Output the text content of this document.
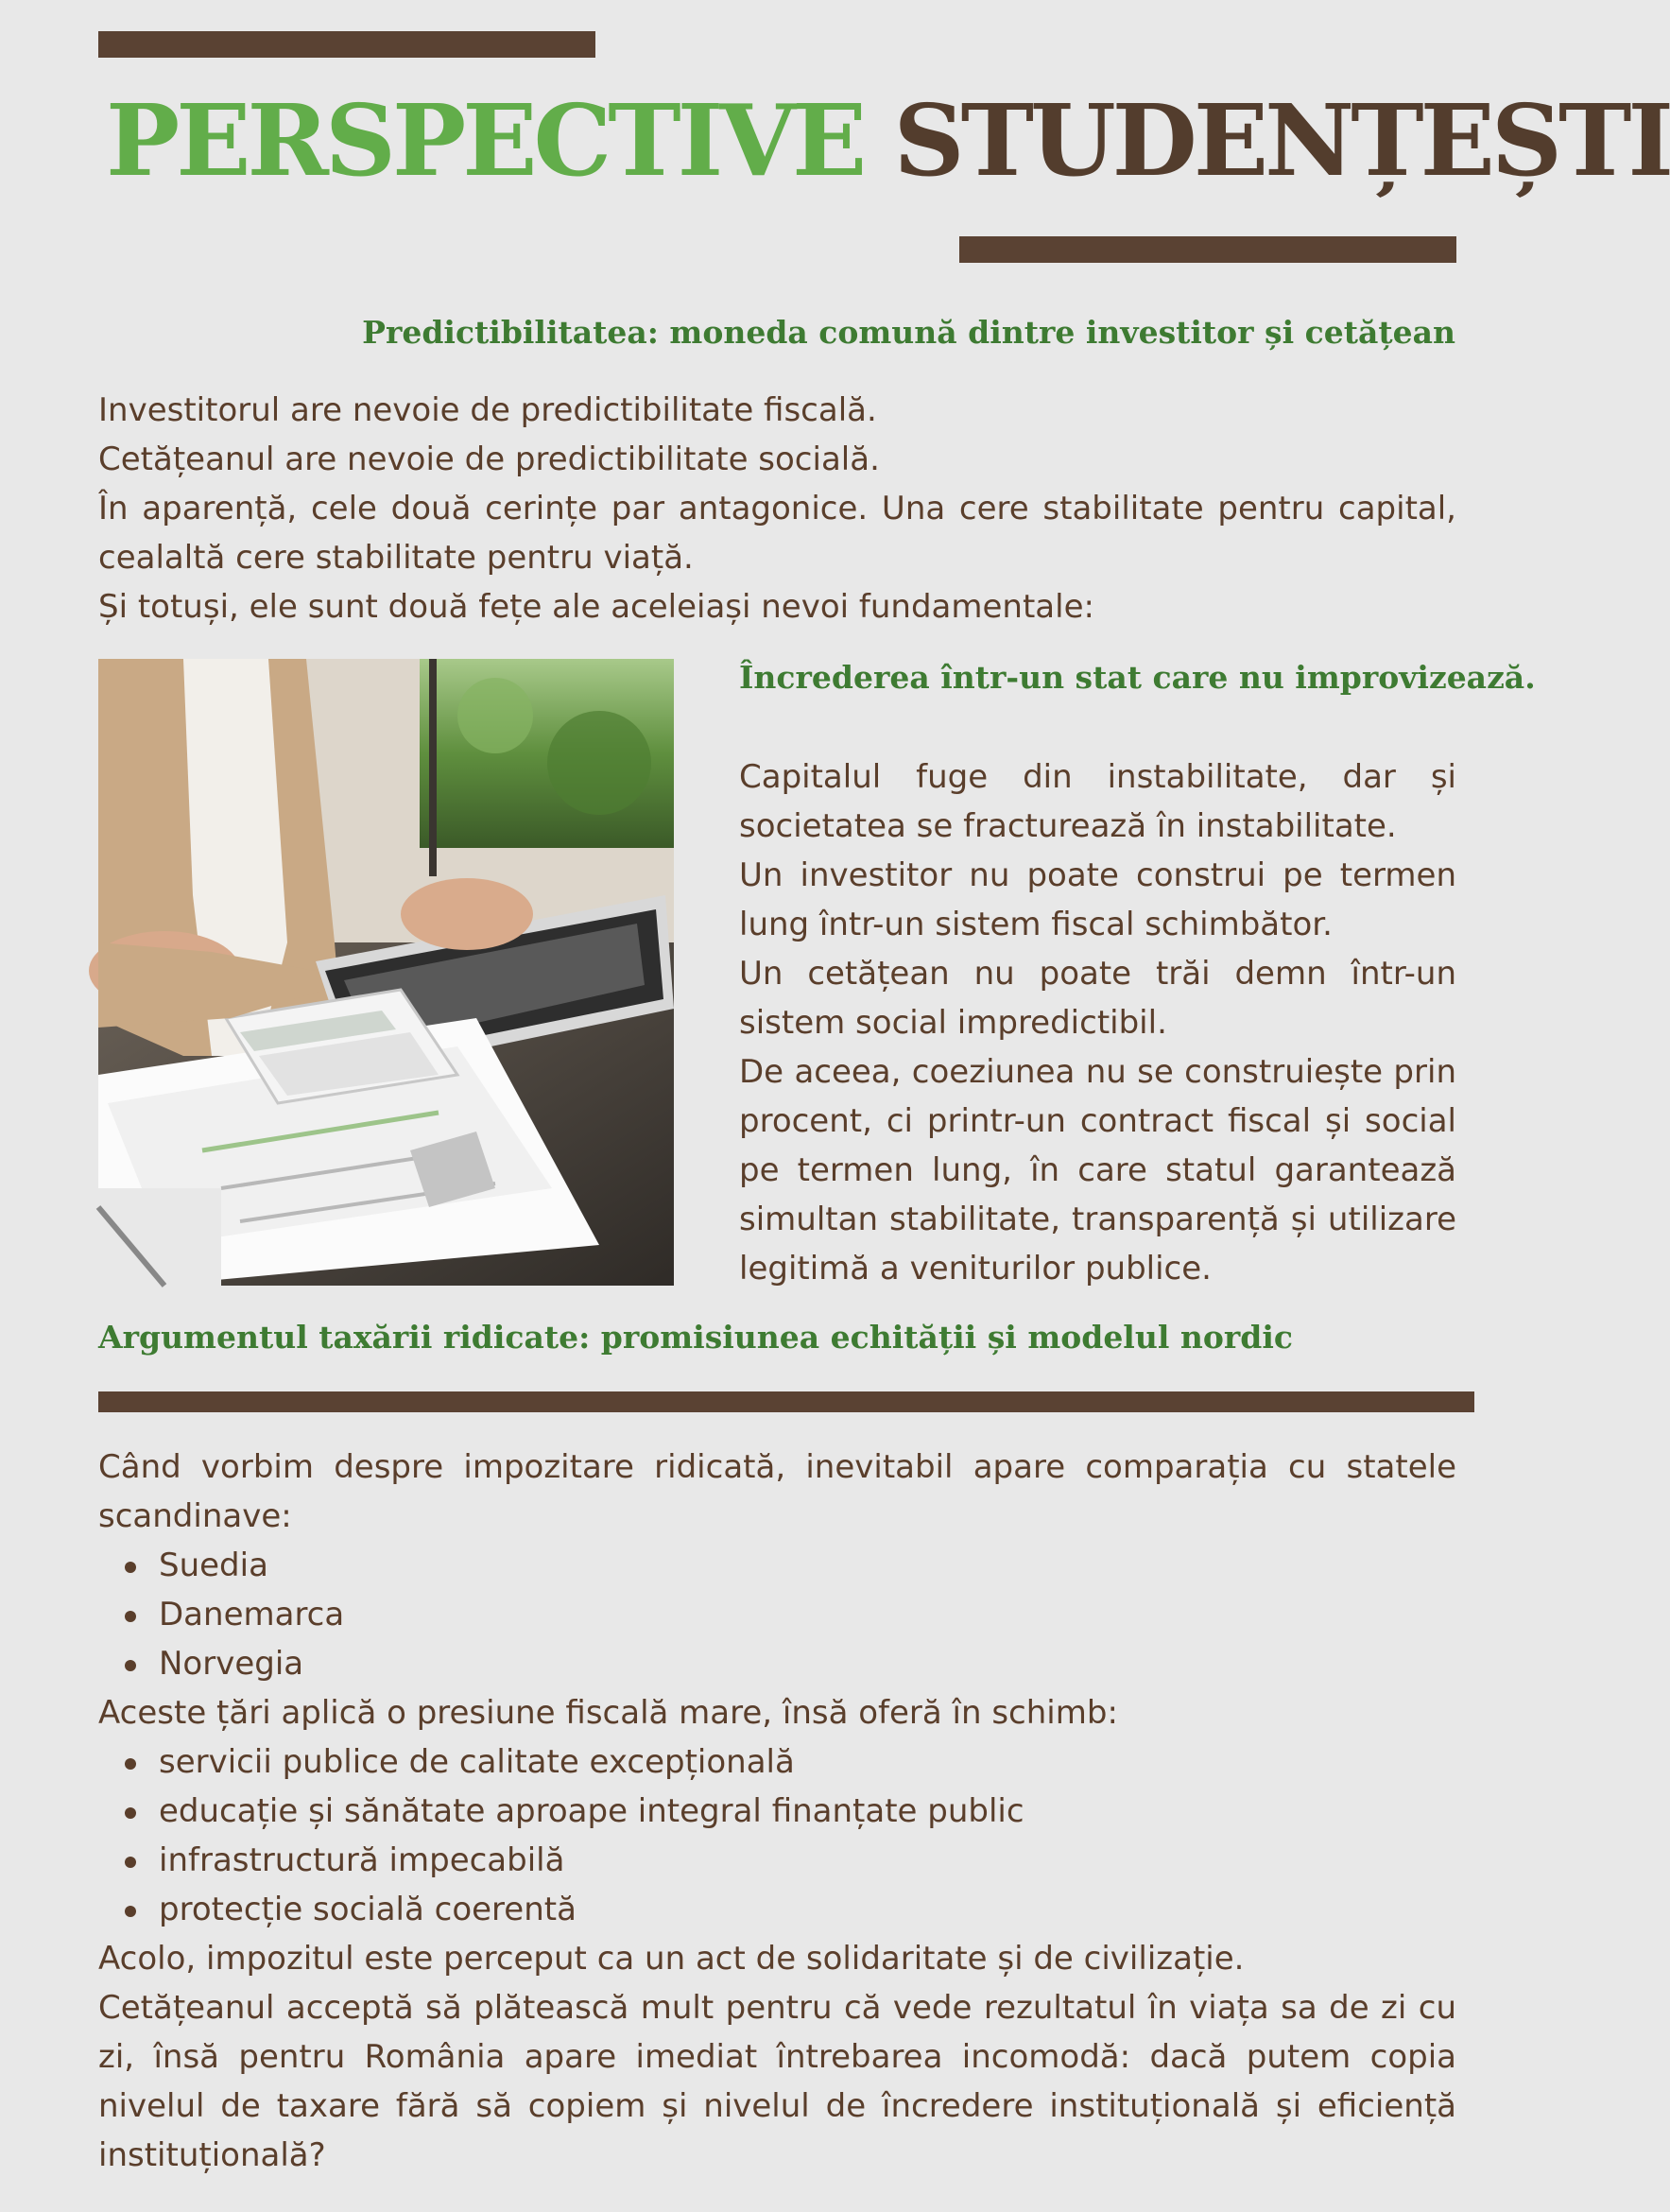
PERSPECTIVE STUDENȚEȘTI
Predictibilitatea: moneda comună dintre investitor și cetățean

Investitorul are nevoie de predictibilitate fiscală.

Cetățeanul are nevoie de predictibilitate socială.

În aparență, cele două cerințe par antagonice. Una cere stabilitate pentru capital, cealaltă cere stabilitate pentru viață.

Și totuși, ele sunt două fețe ale aceleiași nevoi fundamentale:

Încrederea într-un stat care nu improvizează.

Capitalul fuge din instabilitate, dar și societatea se fracturează în instabilitate.

Un investitor nu poate construi pe termen lung într-un sistem fiscal schimbător.

Un cetățean nu poate trăi demn într-un sistem social impredictibil.

De aceea, coeziunea nu se construiește prin procent, ci printr-un contract fiscal și social pe termen lung, în care statul garantează simultan stabilitate, transparență și utilizare legitimă a veniturilor publice.

Argumentul taxării ridicate: promisiunea echității și modelul nordic

Când vorbim despre impozitare ridicată, inevitabil apare comparația cu statele scandinave:

Suedia
Danemarca
Norvegia

Aceste țări aplică o presiune fiscală mare, însă oferă în schimb:

servicii publice de calitate excepțională
educație și sănătate aproape integral finanțate public
infrastructură impecabilă
protecție socială coerentă

Acolo, impozitul este perceput ca un act de solidaritate și de civilizație.

Cetățeanul acceptă să plătească mult pentru că vede rezultatul în viața sa de zi cu zi, însă pentru România apare imediat întrebarea incomodă: dacă putem copia nivelul de taxare fără să copiem și nivelul de încredere instituțională și eficiență instituțională?
